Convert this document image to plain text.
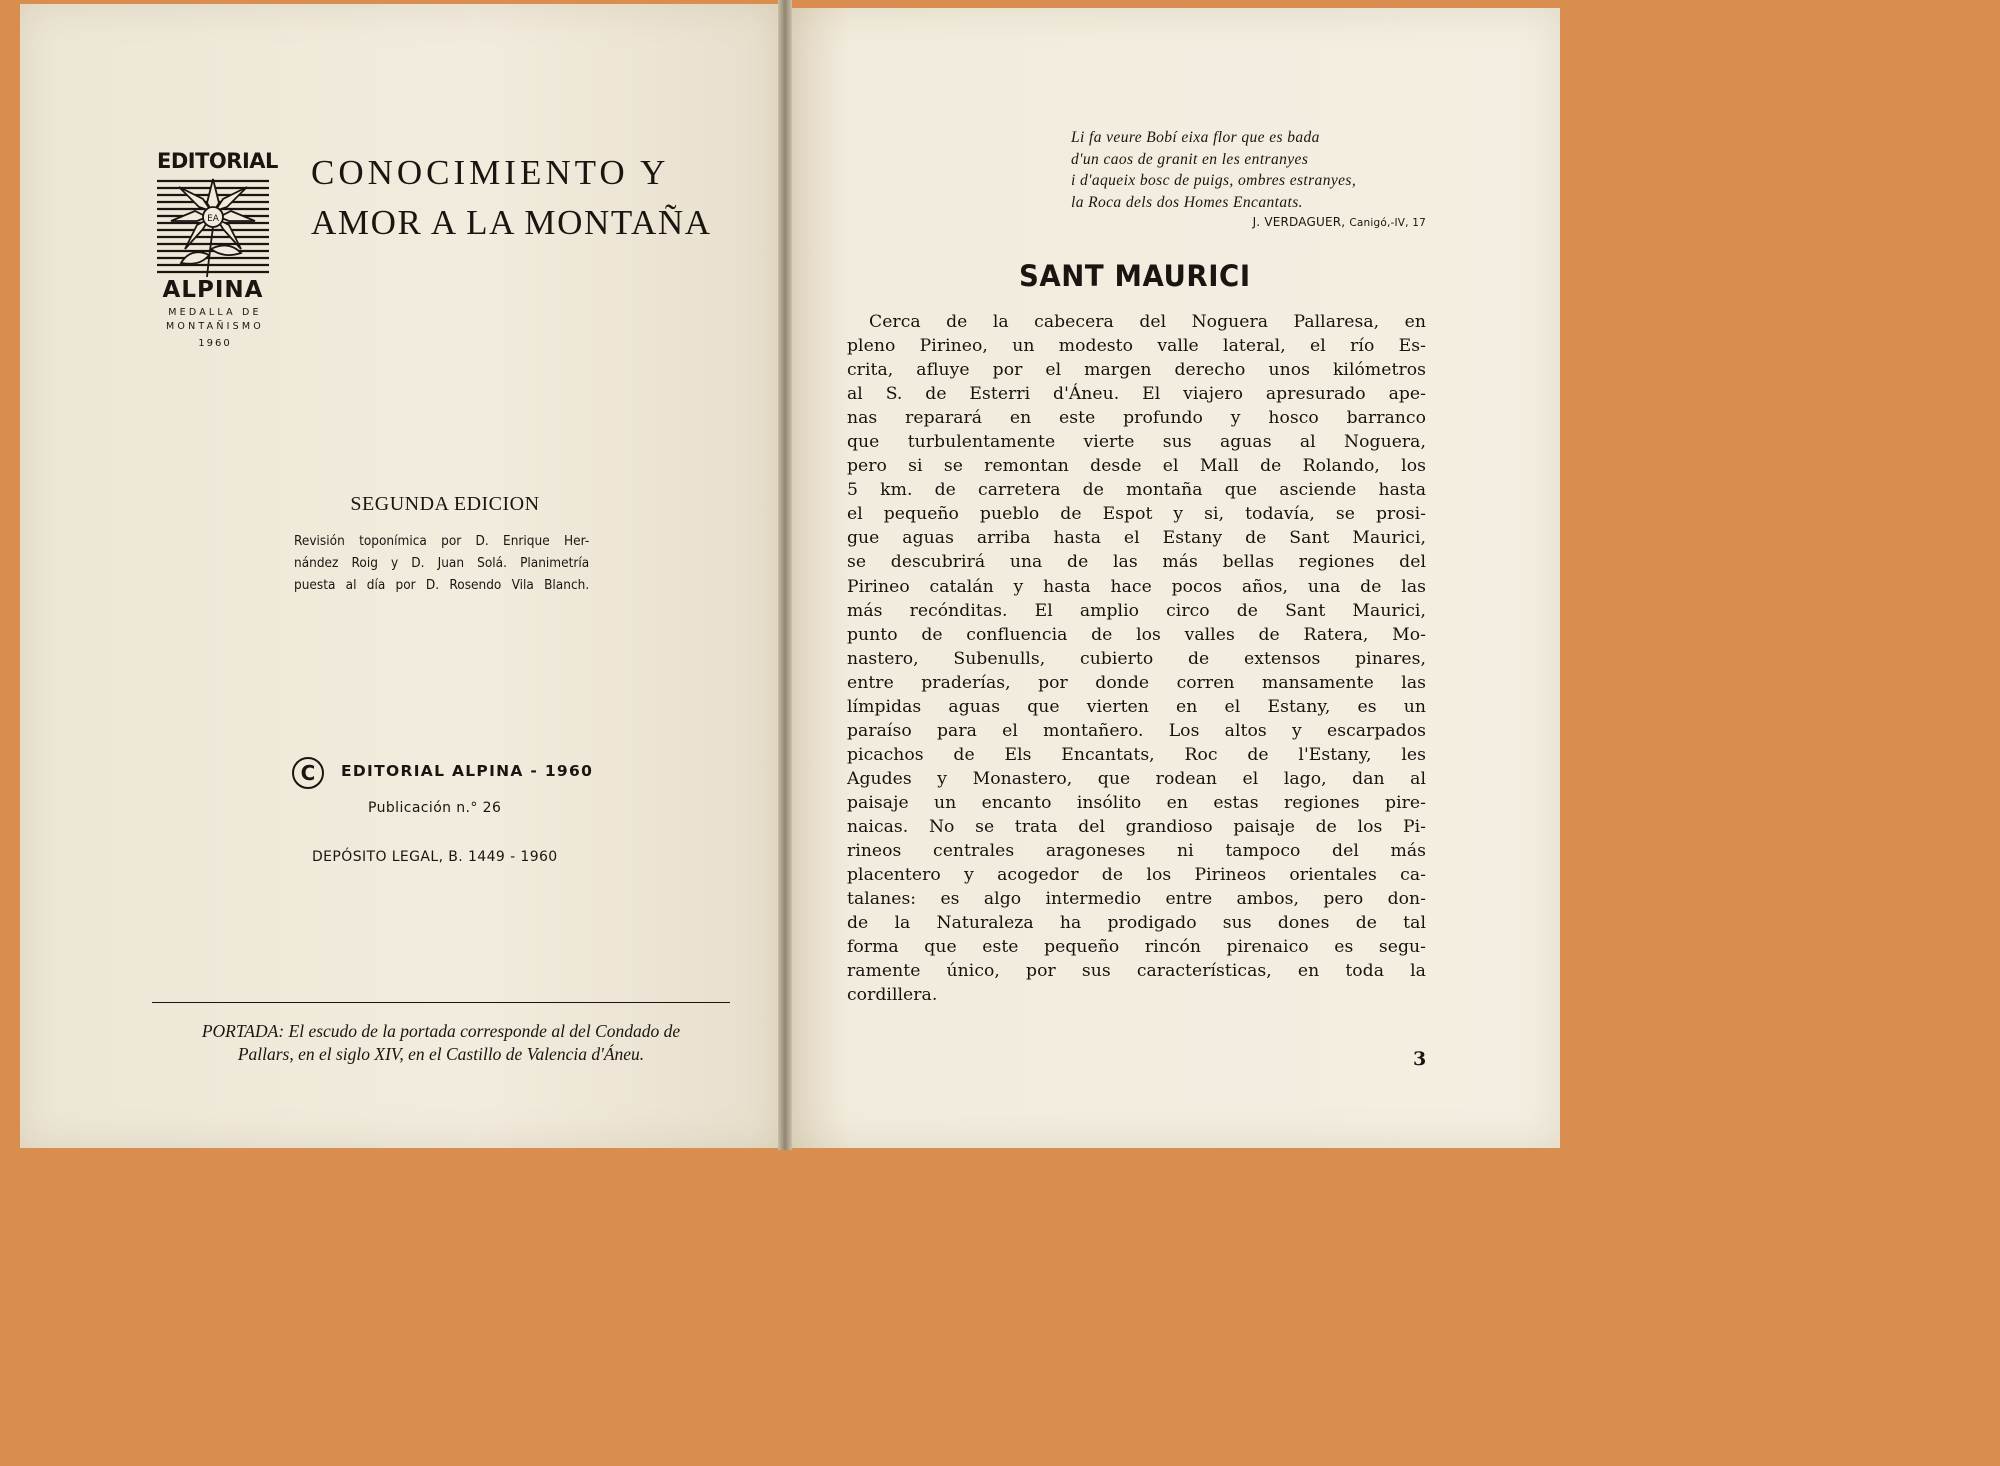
EDITORIAL
EA
ALPINA
MEDALLA DE
MONTAÑISMO
1960
CONOCIMIENTO Y
AMOR A LA MONTAÑA
SEGUNDA EDICION
Revisión toponímica por D. Enrique Her-
nández Roig y D. Juan Solá. Planimetría
puesta al día por D. Rosendo Vila Blanch.
C	EDITORIAL ALPINA - 1960
Publicación n.° 26
DEPÓSITO LEGAL, B. 1449 - 1960
PORTADA: El escudo de la portada corresponde al del Condado de
Pallars, en el siglo XIV, en el Castillo de Valencia d'Áneu.
Li fa veure Bobí eixa flor que es bada
d'un caos de granit en les entranyes
i d'aqueix bosc de puigs, ombres estranyes,
la Roca dels dos Homes Encantats.
J. VERDAGUER, Canigó,-IV, 17
SANT MAURICI
Cerca de la cabecera del Noguera Pallaresa, en
pleno Pirineo, un modesto valle lateral, el río Es-
crita, afluye por el margen derecho unos kilómetros
al S. de Esterri d'Áneu. El viajero apresurado ape-
nas reparará en este profundo y hosco barranco
que turbulentamente vierte sus aguas al Noguera,
pero si se remontan desde el Mall de Rolando, los
5 km. de carretera de montaña que asciende hasta
el pequeño pueblo de Espot y si, todavía, se prosi-
gue aguas arriba hasta el Estany de Sant Maurici,
se descubrirá una de las más bellas regiones del
Pirineo catalán y hasta hace pocos años, una de las
más recónditas. El amplio circo de Sant Maurici,
punto de confluencia de los valles de Ratera, Mo-
nastero, Subenulls, cubierto de extensos pinares,
entre praderías, por donde corren mansamente las
límpidas aguas que vierten en el Estany, es un
paraíso para el montañero. Los altos y escarpados
picachos de Els Encantats, Roc de l'Estany, les
Agudes y Monastero, que rodean el lago, dan al
paisaje un encanto insólito en estas regiones pire-
naicas. No se trata del grandioso paisaje de los Pi-
rineos centrales aragoneses ni tampoco del más
placentero y acogedor de los Pirineos orientales ca-
talanes: es algo intermedio entre ambos, pero don-
de la Naturaleza ha prodigado sus dones de tal
forma que este pequeño rincón pirenaico es segu-
ramente único, por sus características, en toda la
cordillera.
3
